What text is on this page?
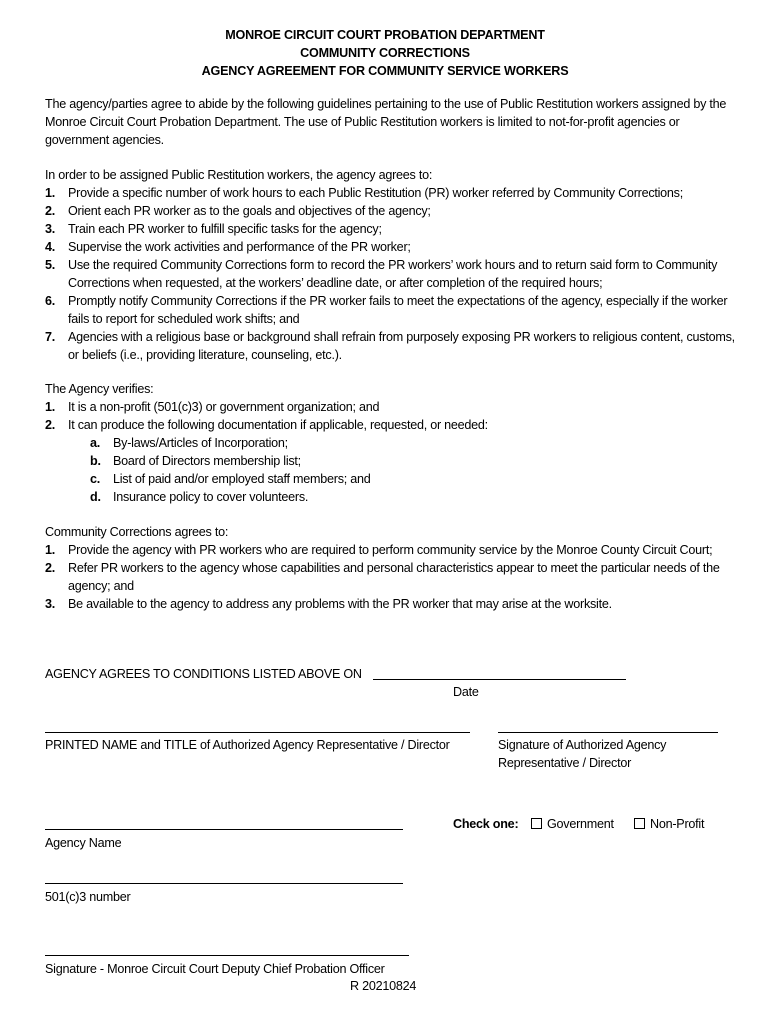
MONROE CIRCUIT COURT PROBATION DEPARTMENT
COMMUNITY CORRECTIONS
AGENCY AGREEMENT FOR COMMUNITY SERVICE WORKERS
The agency/parties agree to abide by the following guidelines pertaining to the use of Public Restitution workers assigned by the Monroe Circuit Court Probation Department. The use of Public Restitution workers is limited to not-for-profit agencies or government agencies.
In order to be assigned Public Restitution workers, the agency agrees to:
1. Provide a specific number of work hours to each Public Restitution (PR) worker referred by Community Corrections;
2. Orient each PR worker as to the goals and objectives of the agency;
3. Train each PR worker to fulfill specific tasks for the agency;
4. Supervise the work activities and performance of the PR worker;
5. Use the required Community Corrections form to record the PR workers’ work hours and to return said form to Community Corrections when requested, at the workers’ deadline date, or after completion of the required hours;
6. Promptly notify Community Corrections if the PR worker fails to meet the expectations of the agency, especially if the worker fails to report for scheduled work shifts; and
7. Agencies with a religious base or background shall refrain from purposely exposing PR workers to religious content, customs, or beliefs (i.e., providing literature, counseling, etc.).
The Agency verifies:
1. It is a non-profit (501(c)3) or government organization; and
2. It can produce the following documentation if applicable, requested, or needed:
a. By-laws/Articles of Incorporation;
b. Board of Directors membership list;
c. List of paid and/or employed staff members; and
d. Insurance policy to cover volunteers.
Community Corrections agrees to:
1. Provide the agency with PR workers who are required to perform community service by the Monroe County Circuit Court;
2. Refer PR workers to the agency whose capabilities and personal characteristics appear to meet the particular needs of the agency; and
3. Be available to the agency to address any problems with the PR worker that may arise at the worksite.
AGENCY AGREES TO CONDITIONS LISTED ABOVE ON
Date
PRINTED NAME and TITLE of Authorized Agency Representative / Director	Signature of Authorized Agency
Representative / Director
Check one:	Government	Non-Profit
Agency Name
501(c)3 number
Signature - Monroe Circuit Court Deputy Chief Probation Officer
R 20210824
